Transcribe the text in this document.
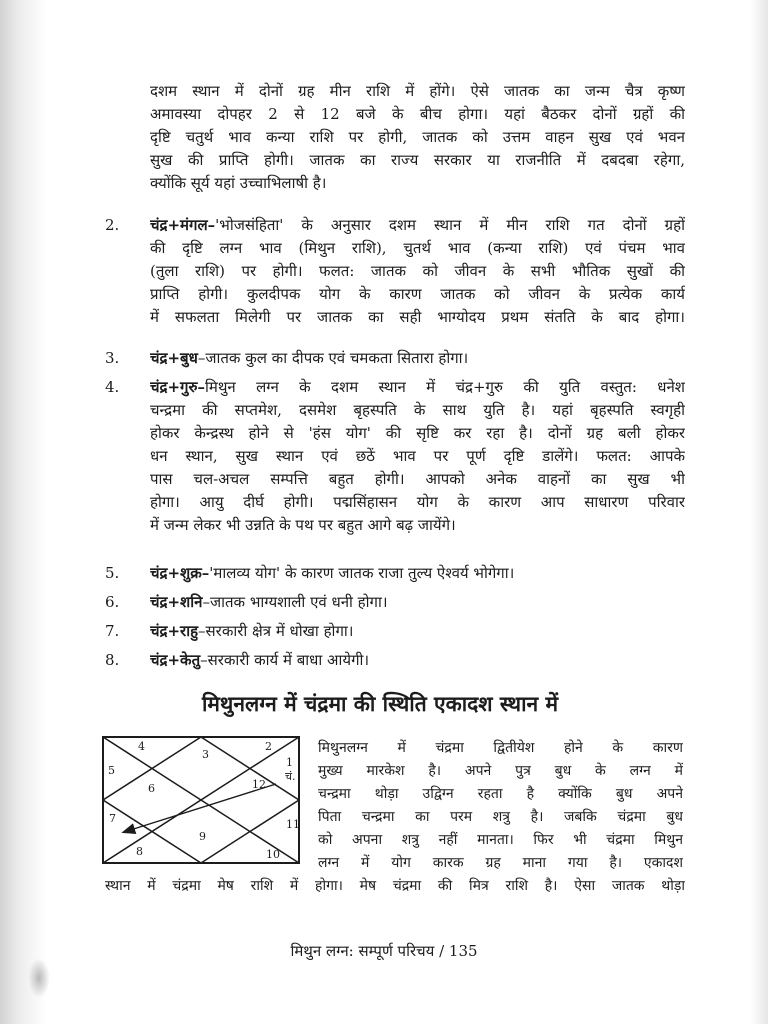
दशम स्थान में दोनों ग्रह मीन राशि में होंगे। ऐसे जातक का जन्म चैत्र कृष्ण
अमावस्या दोपहर 2 से 12 बजे के बीच होगा। यहां बैठकर दोनों ग्रहों की
दृष्टि चतुर्थ भाव कन्या राशि पर होगी, जातक को उत्तम वाहन सुख एवं भवन
सुख की प्राप्ति होगी। जातक का राज्य सरकार या राजनीति में दबदबा रहेगा,
क्योंकि सूर्य यहां उच्चाभिलाषी है।
2.	चंद्र+मंगल–'भोजसंहिता' के अनुसार दशम स्थान में मीन राशि गत दोनों ग्रहों
की दृष्टि लग्न भाव (मिथुन राशि), चुतर्थ भाव (कन्या राशि) एवं पंचम भाव
(तुला राशि) पर होगी। फलत: जातक को जीवन के सभी भौतिक सुखों की
प्राप्ति होगी। कुलदीपक योग के कारण जातक को जीवन के प्रत्येक कार्य
में सफलता मिलेगी पर जातक का सही भाग्योदय प्रथम संतति के बाद होगा।
3.	चंद्र+बुध–जातक कुल का दीपक एवं चमकता सितारा होगा।
4.	चंद्र+गुरु–मिथुन लग्न के दशम स्थान में चंद्र+गुरु की युति वस्तुत: धनेश
चन्द्रमा की सप्तमेश, दसमेश बृहस्पति के साथ युति है। यहां बृहस्पति स्वगृही
होकर केन्द्रस्थ होने से 'हंस योग' की सृष्टि कर रहा है। दोनों ग्रह बली होकर
धन स्थान, सुख स्थान एवं छठें भाव पर पूर्ण दृष्टि डालेंगे। फलत: आपके
पास चल-अचल सम्पत्ति बहुत होगी। आपको अनेक वाहनों का सुख भी
होगा। आयु दीर्घ होगी। पद्मसिंहासन योग के कारण आप साधारण परिवार
में जन्म लेकर भी उन्नति के पथ पर बहुत आगे बढ़ जायेंगे।
5.	चंद्र+शुक्र–'मालव्य योग' के कारण जातक राजा तुल्य ऐश्वर्य भोगेगा।
6.	चंद्र+शनि–जातक भाग्यशाली एवं धनी होगा।
7.	चंद्र+राहु–सरकारी क्षेत्र में धोखा होगा।
8.	चंद्र+केतु–सरकारी कार्य में बाधा आयेगी।
मिथुनलग्न में चंद्रमा की स्थिति एकादश स्थान में
4
3
2
1
5
6	12
चं.
7
9
11
8	10
मिथुनलग्न में चंद्रमा द्वितीयेश होने के कारण
मुख्य मारकेश है। अपने पुत्र बुध के लग्न में
चन्द्रमा थोड़ा उद्विग्न रहता है क्योंकि बुध अपने
पिता चन्द्रमा का परम शत्रु है। जबकि चंद्रमा बुध
को अपना शत्रु नहीं मानता। फिर भी चंद्रमा मिथुन
लग्न में योग कारक ग्रह माना गया है। एकादश
स्थान में चंद्रमा मेष राशि में होगा। मेष चंद्रमा की मित्र राशि है। ऐसा जातक थोड़ा
मिथुन लग्न: सम्पूर्ण परिचय / 135
